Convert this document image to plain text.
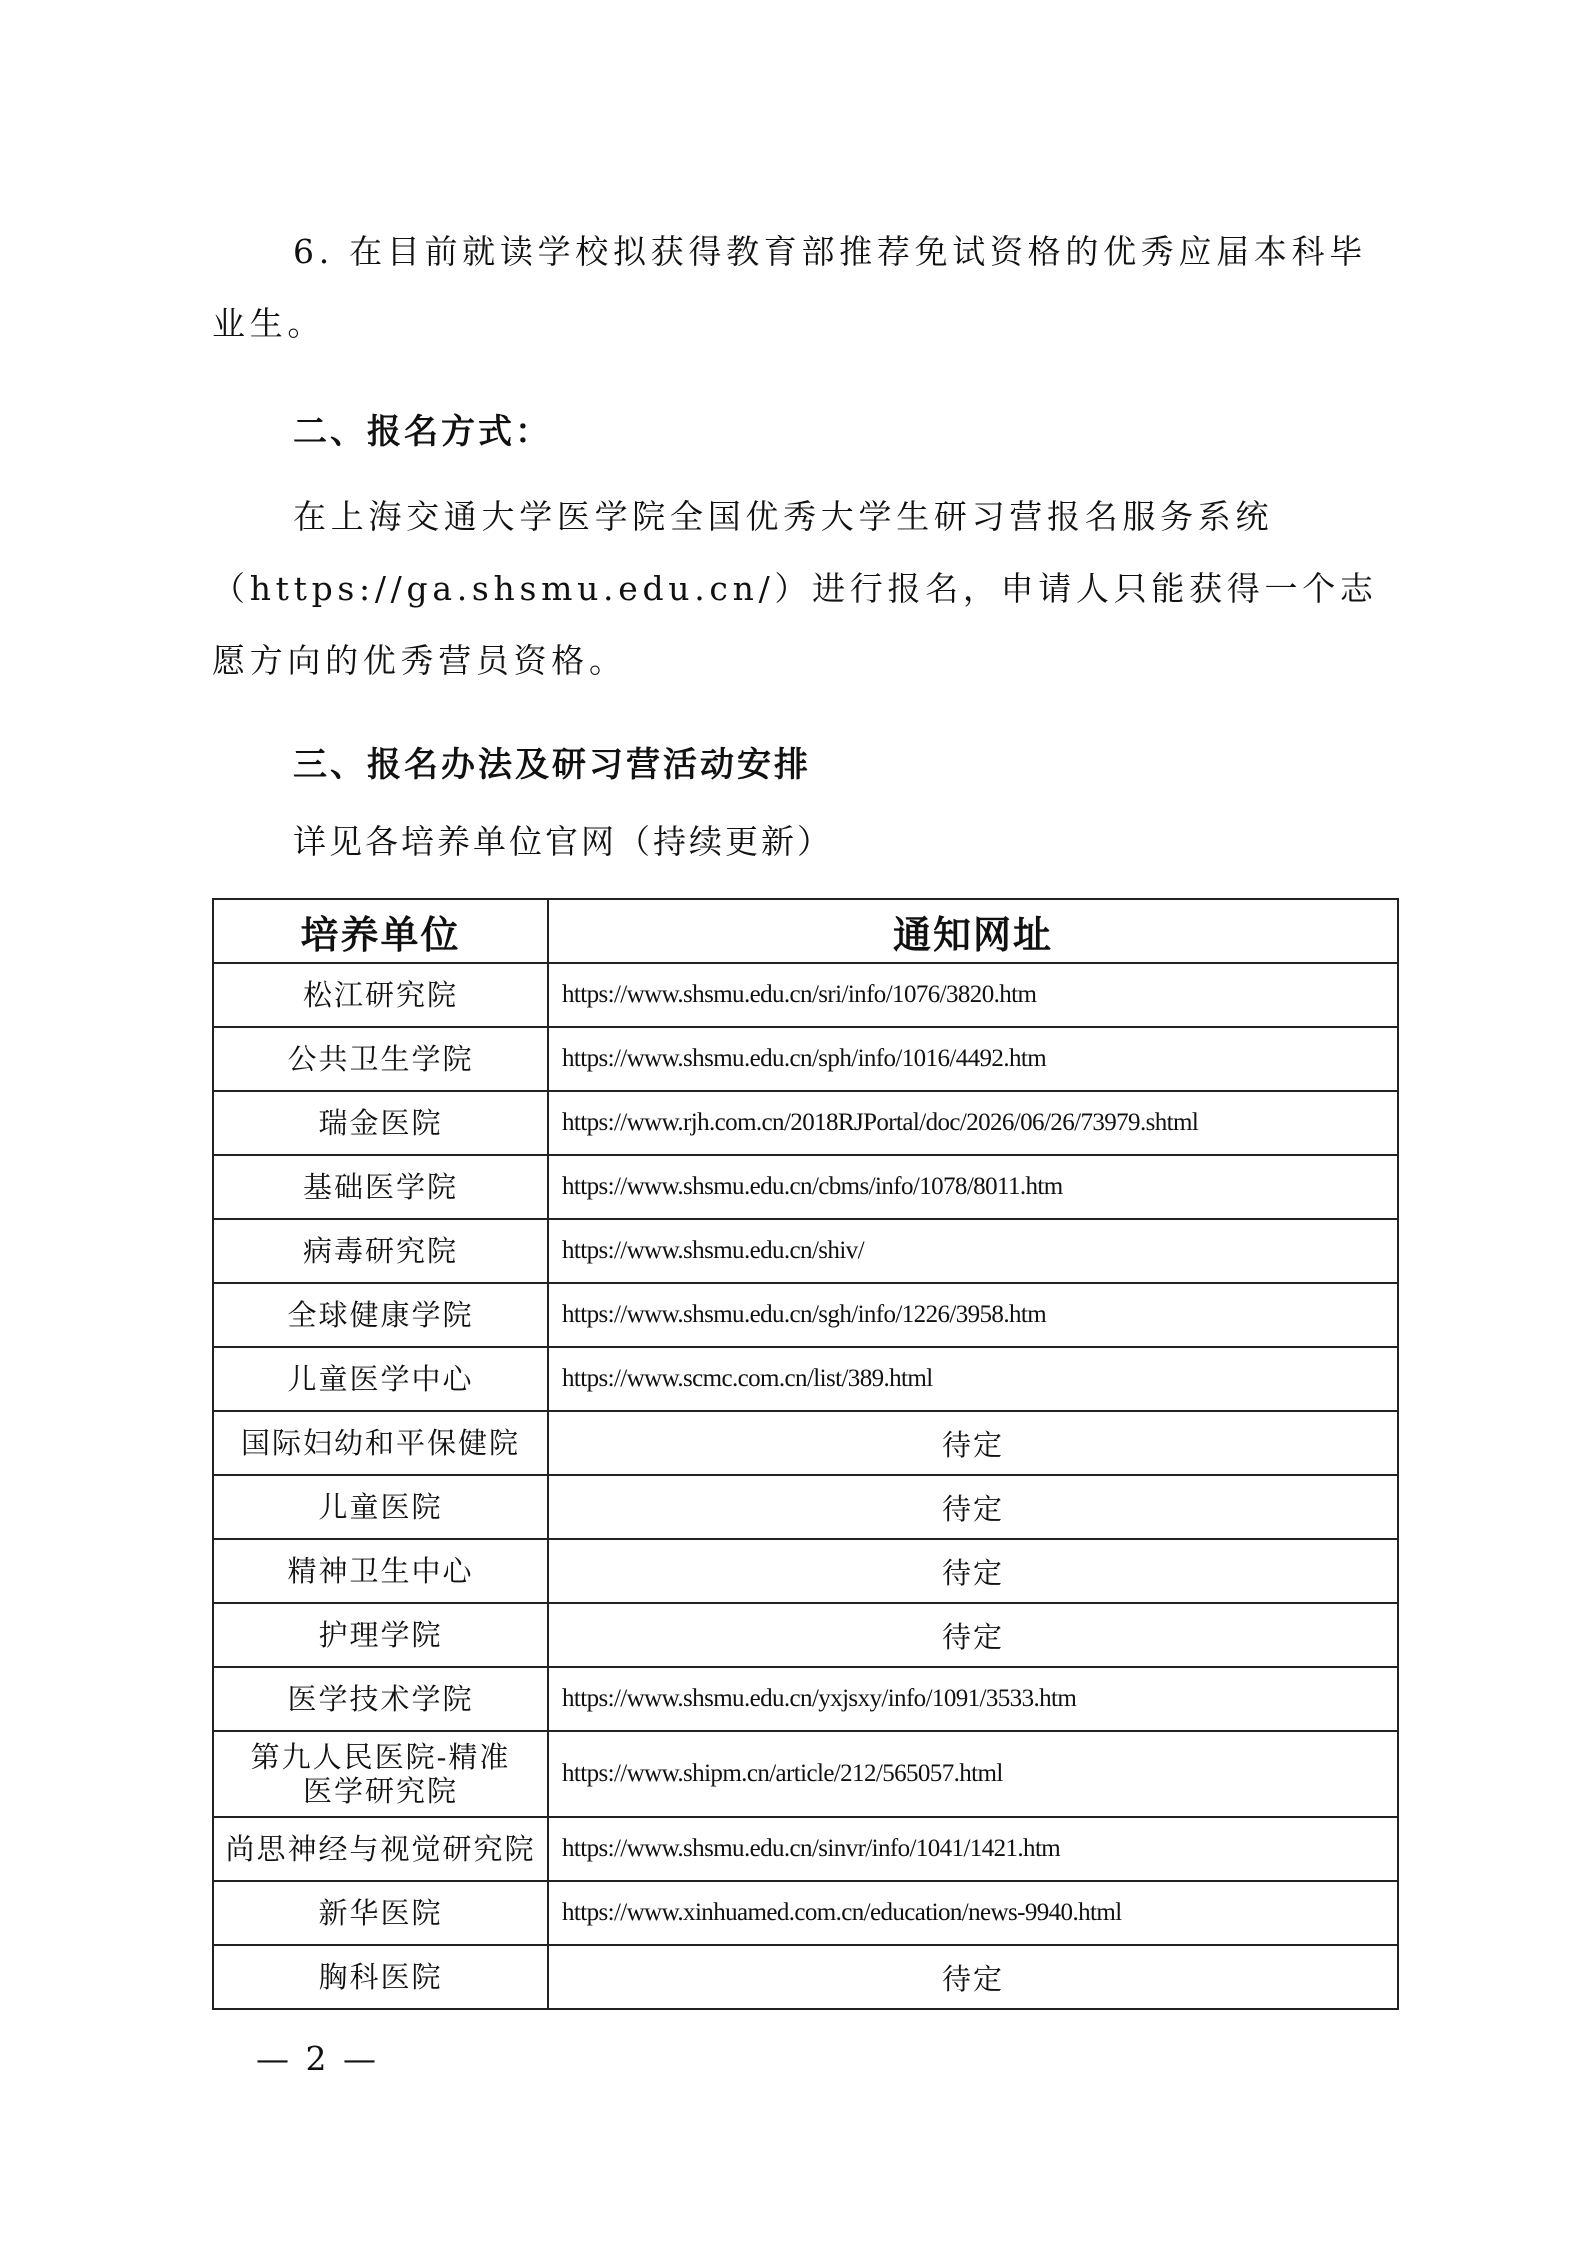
6. 在目前就读学校拟获得教育部推荐免试资格的优秀应届本科毕业生。

二、报名方式：

在上海交通大学医学院全国优秀大学生研习营报名服务系统（https://ga.shsmu.edu.cn/）进行报名，申请人只能获得一个志愿方向的优秀营员资格。

三、报名办法及研习营活动安排

详见各培养单位官网（持续更新）

培养单位	通知网址
松江研究院	https://www.shsmu.edu.cn/sri/info/1076/3820.htm
公共卫生学院	https://www.shsmu.edu.cn/sph/info/1016/4492.htm
瑞金医院	https://www.rjh.com.cn/2018RJPortal/doc/2026/06/26/73979.shtml
基础医学院	https://www.shsmu.edu.cn/cbms/info/1078/8011.htm
病毒研究院	https://www.shsmu.edu.cn/shiv/
全球健康学院	https://www.shsmu.edu.cn/sgh/info/1226/3958.htm
儿童医学中心	https://www.scmc.com.cn/list/389.html
国际妇幼和平保健院	待定
儿童医院	待定
精神卫生中心	待定
护理学院	待定
医学技术学院	https://www.shsmu.edu.cn/yxjsxy/info/1091/3533.htm
第九人民医院-精准医学研究院	https://www.shipm.cn/article/212/565057.html
尚思神经与视觉研究院	https://www.shsmu.edu.cn/sinvr/info/1041/1421.htm
新华医院	https://www.xinhuamed.com.cn/education/news-9940.html
胸科医院	待定

— 2 —
